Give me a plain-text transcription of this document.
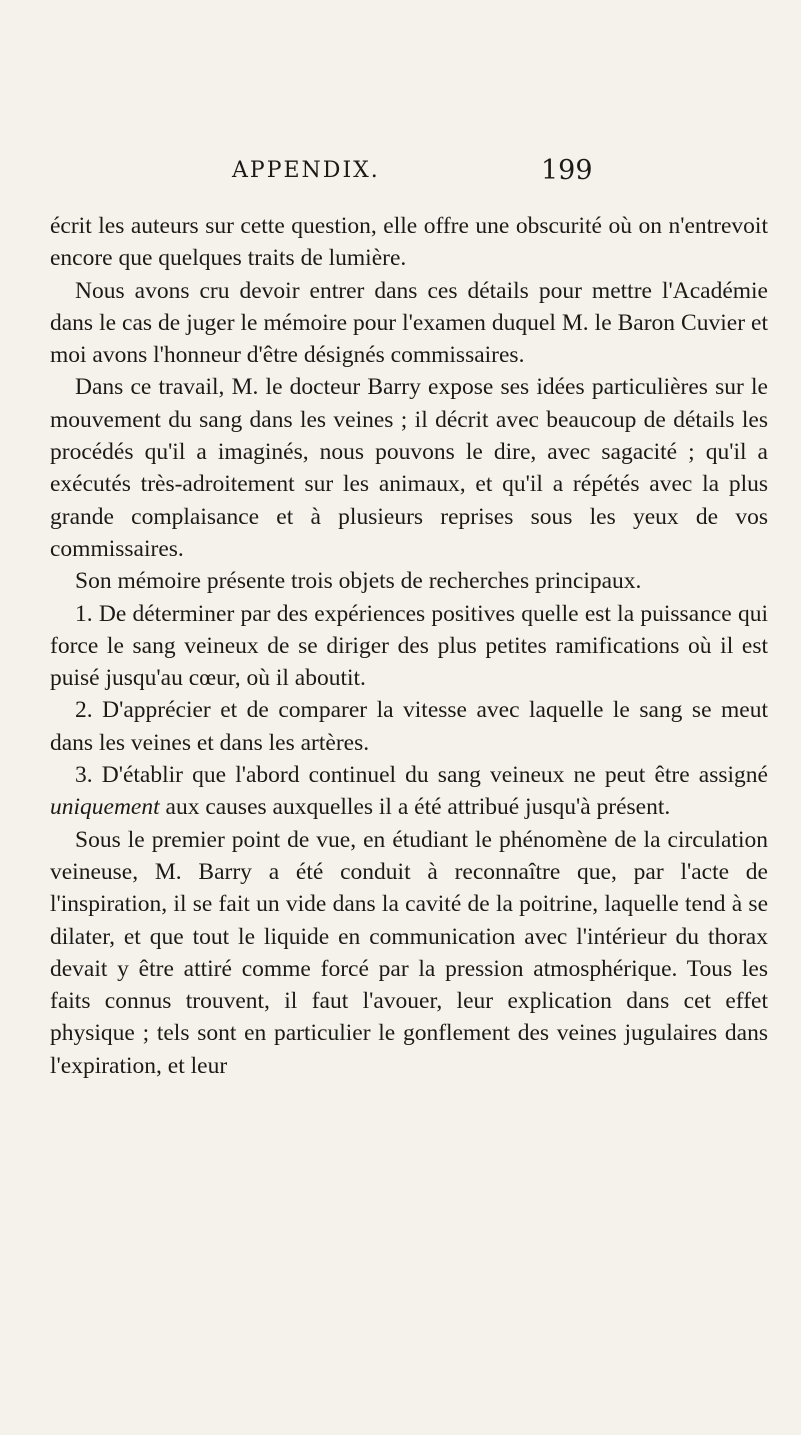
APPENDIX.	199

écrit les auteurs sur cette question, elle offre une obscurité où on n'entrevoit encore que quelques traits de lumière.

Nous avons cru devoir entrer dans ces détails pour mettre l'Académie dans le cas de juger le mémoire pour l'examen duquel M. le Baron Cuvier et moi avons l'honneur d'être désignés commissaires.

Dans ce travail, M. le docteur Barry expose ses idées particulières sur le mouvement du sang dans les veines ; il décrit avec beaucoup de détails les procédés qu'il a imaginés, nous pouvons le dire, avec sagacité ; qu'il a exécutés très-adroitement sur les animaux, et qu'il a répétés avec la plus grande complaisance et à plusieurs reprises sous les yeux de vos commissaires.

Son mémoire présente trois objets de recherches principaux.

1. De déterminer par des expériences positives quelle est la puissance qui force le sang veineux de se diriger des plus petites ramifications où il est puisé jusqu'au cœur, où il aboutit.

2. D'apprécier et de comparer la vitesse avec laquelle le sang se meut dans les veines et dans les artères.

3. D'établir que l'abord continuel du sang veineux ne peut être assigné uniquement aux causes auxquelles il a été attribué jusqu'à présent.

Sous le premier point de vue, en étudiant le phénomène de la circulation veineuse, M. Barry a été conduit à reconnaître que, par l'acte de l'inspiration, il se fait un vide dans la cavité de la poitrine, laquelle tend à se dilater, et que tout le liquide en communication avec l'intérieur du thorax devait y être attiré comme forcé par la pression atmosphérique. Tous les faits connus trouvent, il faut l'avouer, leur explication dans cet effet physique ; tels sont en particulier le gonflement des veines jugulaires dans l'expiration, et leur
